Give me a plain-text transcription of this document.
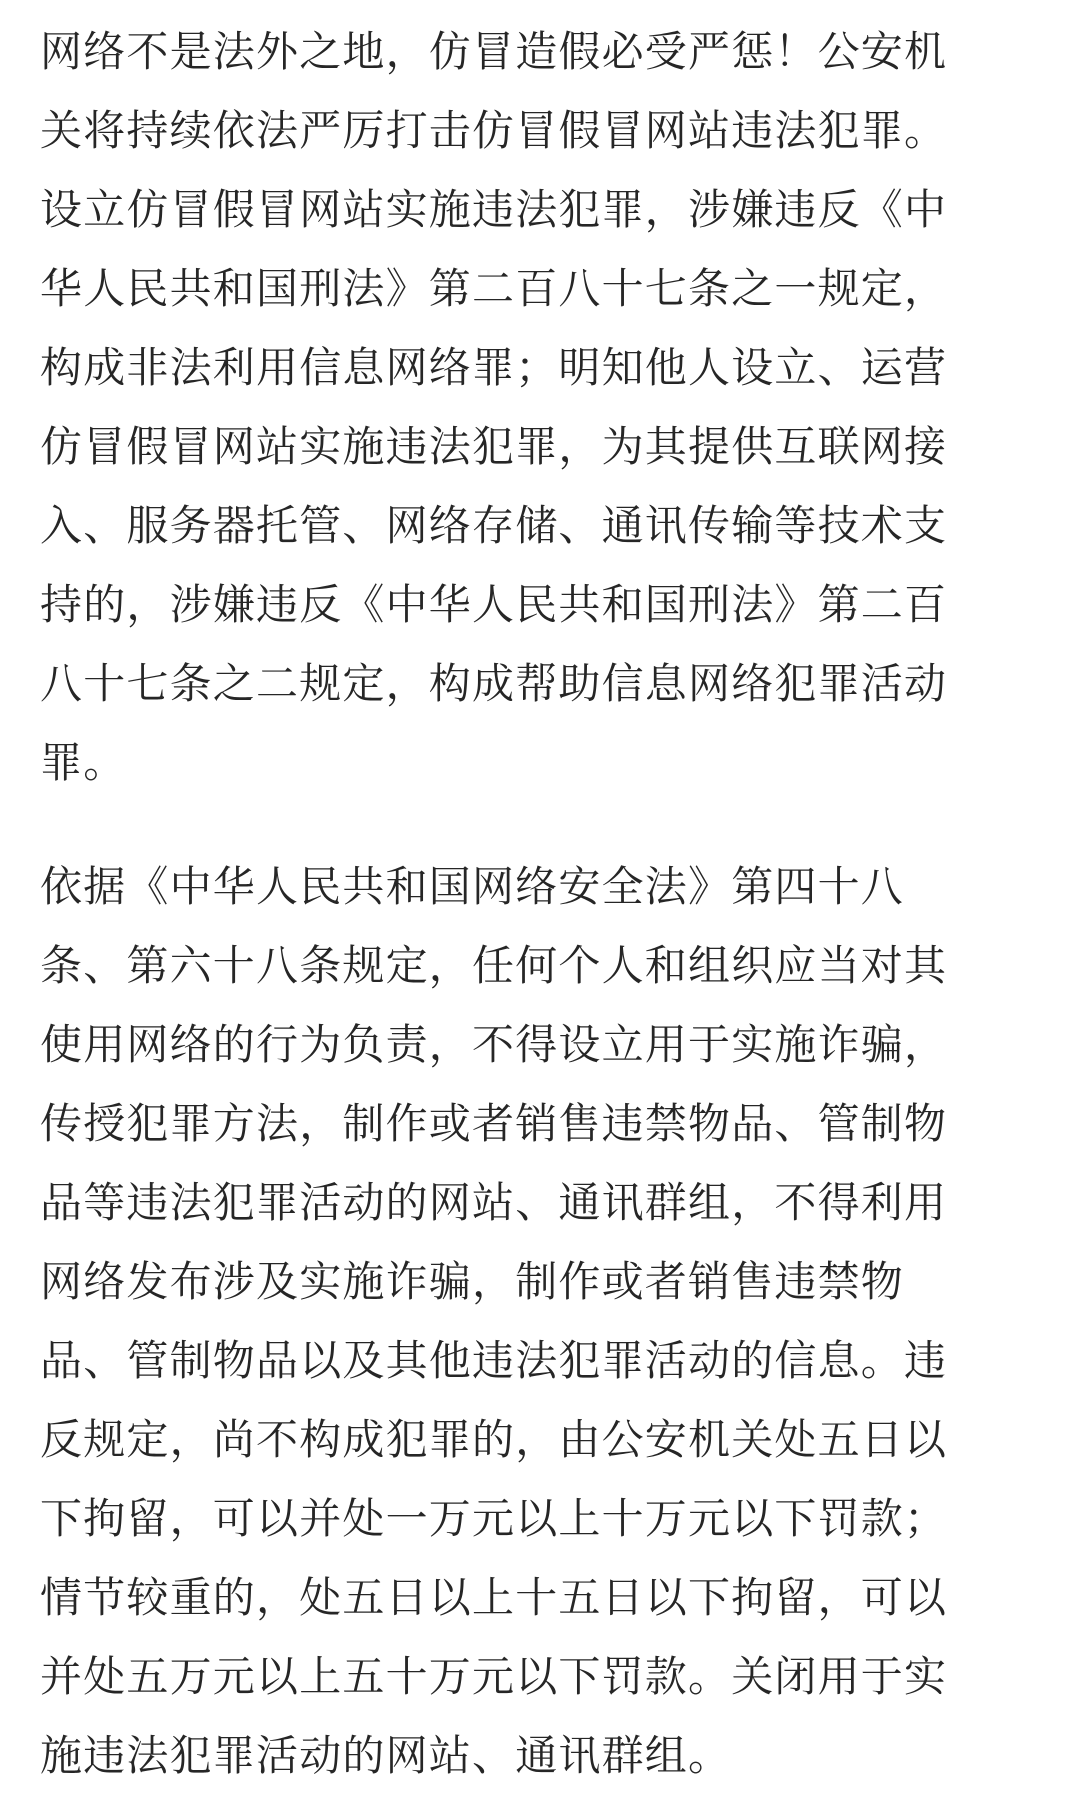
网络不是法外之地，仿冒造假必受严惩！公安机
关将持续依法严厉打击仿冒假冒网站违法犯罪。
设立仿冒假冒网站实施违法犯罪，涉嫌违反《中
华人民共和国刑法》第二百八十七条之一规定，
构成非法利用信息网络罪；明知他人设立、运营
仿冒假冒网站实施违法犯罪，为其提供互联网接
入、服务器托管、网络存储、通讯传输等技术支
持的，涉嫌违反《中华人民共和国刑法》第二百
八十七条之二规定，构成帮助信息网络犯罪活动
罪。

依据《中华人民共和国网络安全法》第四十八
条、第六十八条规定，任何个人和组织应当对其
使用网络的行为负责，不得设立用于实施诈骗，
传授犯罪方法，制作或者销售违禁物品、管制物
品等违法犯罪活动的网站、通讯群组，不得利用
网络发布涉及实施诈骗，制作或者销售违禁物
品、管制物品以及其他违法犯罪活动的信息。违
反规定，尚不构成犯罪的，由公安机关处五日以
下拘留，可以并处一万元以上十万元以下罚款；
情节较重的，处五日以上十五日以下拘留，可以
并处五万元以上五十万元以下罚款。关闭用于实
施违法犯罪活动的网站、通讯群组。
